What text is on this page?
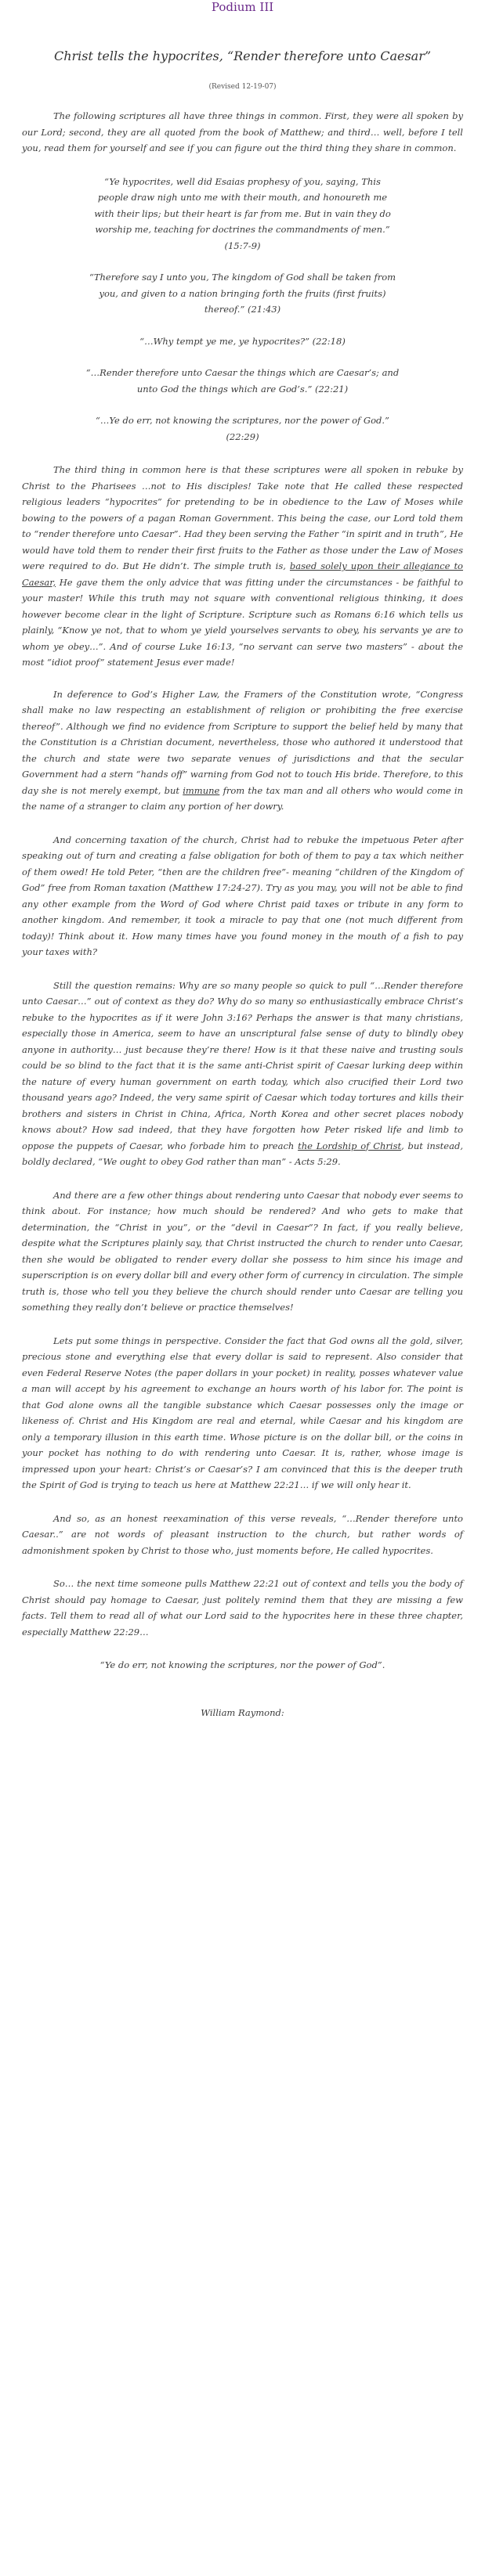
Podium III
Christ tells the hypocrites, “Render therefore unto Caesar”
(Revised 12-19-07)

The following scriptures all have three things in common. First, they were all spoken by our Lord; second, they are all quoted from the book of Matthew; and third… well, before I tell you, read them for yourself and see if you can figure out the third thing they share in common.

“Ye hypocrites, well did Esaias prophesy of you, saying, This people draw nigh unto me with their mouth, and honoureth me with their lips; but their heart is far from me. But in vain they do worship me, teaching for doctrines the commandments of men.” (15:7-9)
“Therefore say I unto you, The kingdom of God shall be taken from you, and given to a nation bringing forth the fruits (first fruits) thereof.” (21:43)
“…Why tempt ye me, ye hypocrites?” (22:18)
“…Render therefore unto Caesar the things which are Caesar’s; and unto God the things which are God’s.” (22:21)
“…Ye do err, not knowing the scriptures, nor the power of God.” (22:29)

The third thing in common here is that these scriptures were all spoken in rebuke by Christ to the Pharisees …not to His disciples! Take note that He called these respected religious leaders “hypocrites” for pretending to be in obedience to the Law of Moses while bowing to the powers of a pagan Roman Government. This being the case, our Lord told them to “render therefore unto Caesar”. Had they been serving the Father “in spirit and in truth”, He would have told them to render their first fruits to the Father as those under the Law of Moses were required to do. But He didn’t. The simple truth is, based solely upon their allegiance to Caesar, He gave them the only advice that was fitting under the circumstances - be faithful to your master! While this truth may not square with conventional religious thinking, it does however become clear in the light of Scripture. Scripture such as Romans 6:16 which tells us plainly, “Know ye not, that to whom ye yield yourselves servants to obey, his servants ye are to whom ye obey…”. And of course Luke 16:13, “no servant can serve two masters” - about the most “idiot proof” statement Jesus ever made!

In deference to God’s Higher Law, the Framers of the Constitution wrote, “Congress shall make no law respecting an establishment of religion or prohibiting the free exercise thereof”. Although we find no evidence from Scripture to support the belief held by many that the Constitution is a Christian document, nevertheless, those who authored it understood that the church and state were two separate venues of jurisdictions and that the secular Government had a stern “hands off” warning from God not to touch His bride. Therefore, to this day she is not merely exempt, but immune from the tax man and all others who would come in the name of a stranger to claim any portion of her dowry.

And concerning taxation of the church, Christ had to rebuke the impetuous Peter after speaking out of turn and creating a false obligation for both of them to pay a tax which neither of them owed! He told Peter, “then are the children free”- meaning “children of the Kingdom of God” free from Roman taxation (Matthew 17:24-27). Try as you may, you will not be able to find any other example from the Word of God where Christ paid taxes or tribute in any form to another kingdom. And remember, it took a miracle to pay that one (not much different from today)! Think about it. How many times have you found money in the mouth of a fish to pay your taxes with?

Still the question remains: Why are so many people so quick to pull “…Render therefore unto Caesar…” out of context as they do? Why do so many so enthusiastically embrace Christ’s rebuke to the hypocrites as if it were John 3:16? Perhaps the answer is that many christians, especially those in America, seem to have an unscriptural false sense of duty to blindly obey anyone in authority… just because they’re there! How is it that these naive and trusting souls could be so blind to the fact that it is the same anti-Christ spirit of Caesar lurking deep within the nature of every human government on earth today, which also crucified their Lord two thousand years ago? Indeed, the very same spirit of Caesar which today tortures and kills their brothers and sisters in Christ in China, Africa, North Korea and other secret places nobody knows about? How sad indeed, that they have forgotten how Peter risked life and limb to oppose the puppets of Caesar, who forbade him to preach the Lordship of Christ, but instead, boldly declared, “We ought to obey God rather than man” - Acts 5:29.

And there are a few other things about rendering unto Caesar that nobody ever seems to think about. For instance; how much should be rendered? And who gets to make that determination, the “Christ in you”, or the “devil in Caesar”? In fact, if you really believe, despite what the Scriptures plainly say, that Christ instructed the church to render unto Caesar, then she would be obligated to render every dollar she possess to him since his image and superscription is on every dollar bill and every other form of currency in circulation. The simple truth is, those who tell you they believe the church should render unto Caesar are telling you something they really don’t believe or practice themselves!

Lets put some things in perspective. Consider the fact that God owns all the gold, silver, precious stone and everything else that every dollar is said to represent. Also consider that even Federal Reserve Notes (the paper dollars in your pocket) in reality, posses whatever value a man will accept by his agreement to exchange an hours worth of his labor for. The point is that God alone owns all the tangible substance which Caesar possesses only the image or likeness of. Christ and His Kingdom are real and eternal, while Caesar and his kingdom are only a temporary illusion in this earth time. Whose picture is on the dollar bill, or the coins in your pocket has nothing to do with rendering unto Caesar. It is, rather, whose image is impressed upon your heart: Christ’s or Caesar’s? I am convinced that this is the deeper truth the Spirit of God is trying to teach us here at Matthew 22:21… if we will only hear it.

And so, as an honest reexamination of this verse reveals, “…Render therefore unto Caesar..” are not words of pleasant instruction to the church, but rather words of admonishment spoken by Christ to those who, just moments before, He called hypocrites.

So… the next time someone pulls Matthew 22:21 out of context and tells you the body of Christ should pay homage to Caesar, just politely remind them that they are missing a few facts. Tell them to read all of what our Lord said to the hypocrites here in these three chapter, especially Matthew 22:29…

“Ye do err, not knowing the scriptures, nor the power of God”.
William Raymond:
